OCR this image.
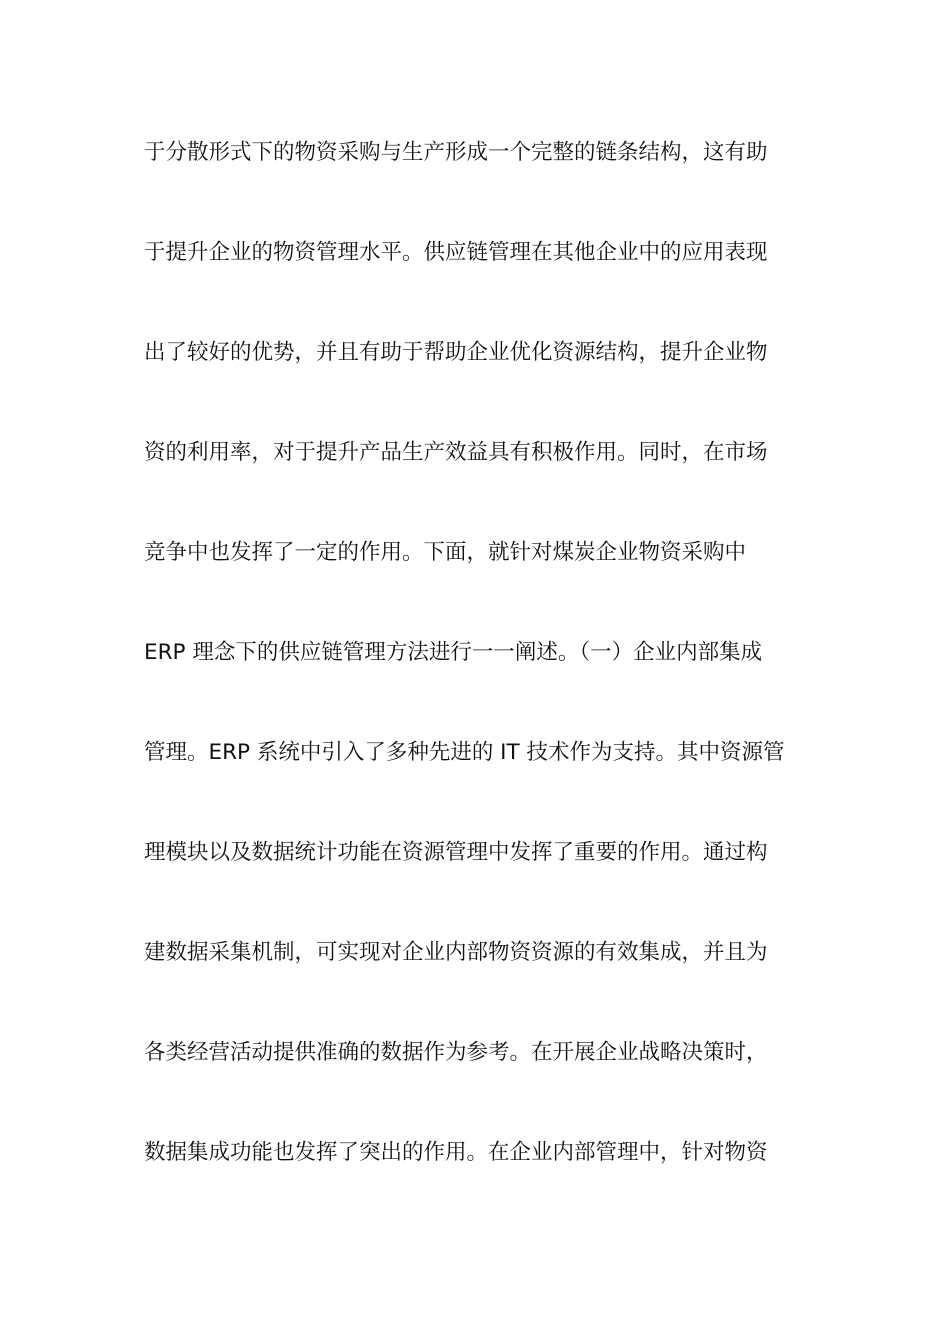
于分散形式下的物资采购与生产形成一个完整的链条结构，这有助
于提升企业的物资管理水平。供应链管理在其他企业中的应用表现
出了较好的优势，并且有助于帮助企业优化资源结构，提升企业物
资的利用率，对于提升产品生产效益具有积极作用。同时，在市场
竞争中也发挥了一定的作用。下面，就针对煤炭企业物资采购中
ERP 理念下的供应链管理方法进行一一阐述。（一）企业内部集成
管理。ERP 系统中引入了多种先进的 IT 技术作为支持。其中资源管
理模块以及数据统计功能在资源管理中发挥了重要的作用。通过构
建数据采集机制，可实现对企业内部物资资源的有效集成，并且为
各类经营活动提供准确的数据作为参考。在开展企业战略决策时，
数据集成功能也发挥了突出的作用。在企业内部管理中，针对物资
